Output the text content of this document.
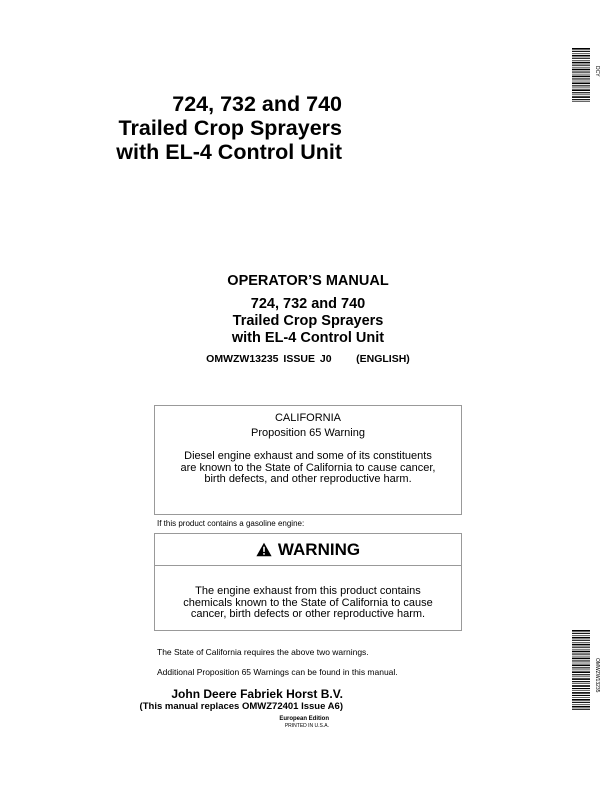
724, 732 and 740
Trailed Crop Sprayers
with EL-4 Control Unit
OPERATOR’S MANUAL
724, 732 and 740
Trailed Crop Sprayers
with EL-4 Control Unit
OMWZW13235 ISSUE J0 (ENGLISH)
CALIFORNIA
Proposition 65 Warning
Diesel engine exhaust and some of its constituents
are known to the State of California to cause cancer,
birth defects, and other reproductive harm.
If this product contains a gasoline engine:
WARNING
The engine exhaust from this product contains
chemicals known to the State of California to cause
cancer, birth defects or other reproductive harm.
The State of California requires the above two warnings.
Additional Proposition 65 Warnings can be found in this manual.
John Deere Fabriek Horst B.V.
(This manual replaces OMWZ72401 Issue A6)
European Edition
PRINTED IN U.S.A.
DCY
OMWZW13235
